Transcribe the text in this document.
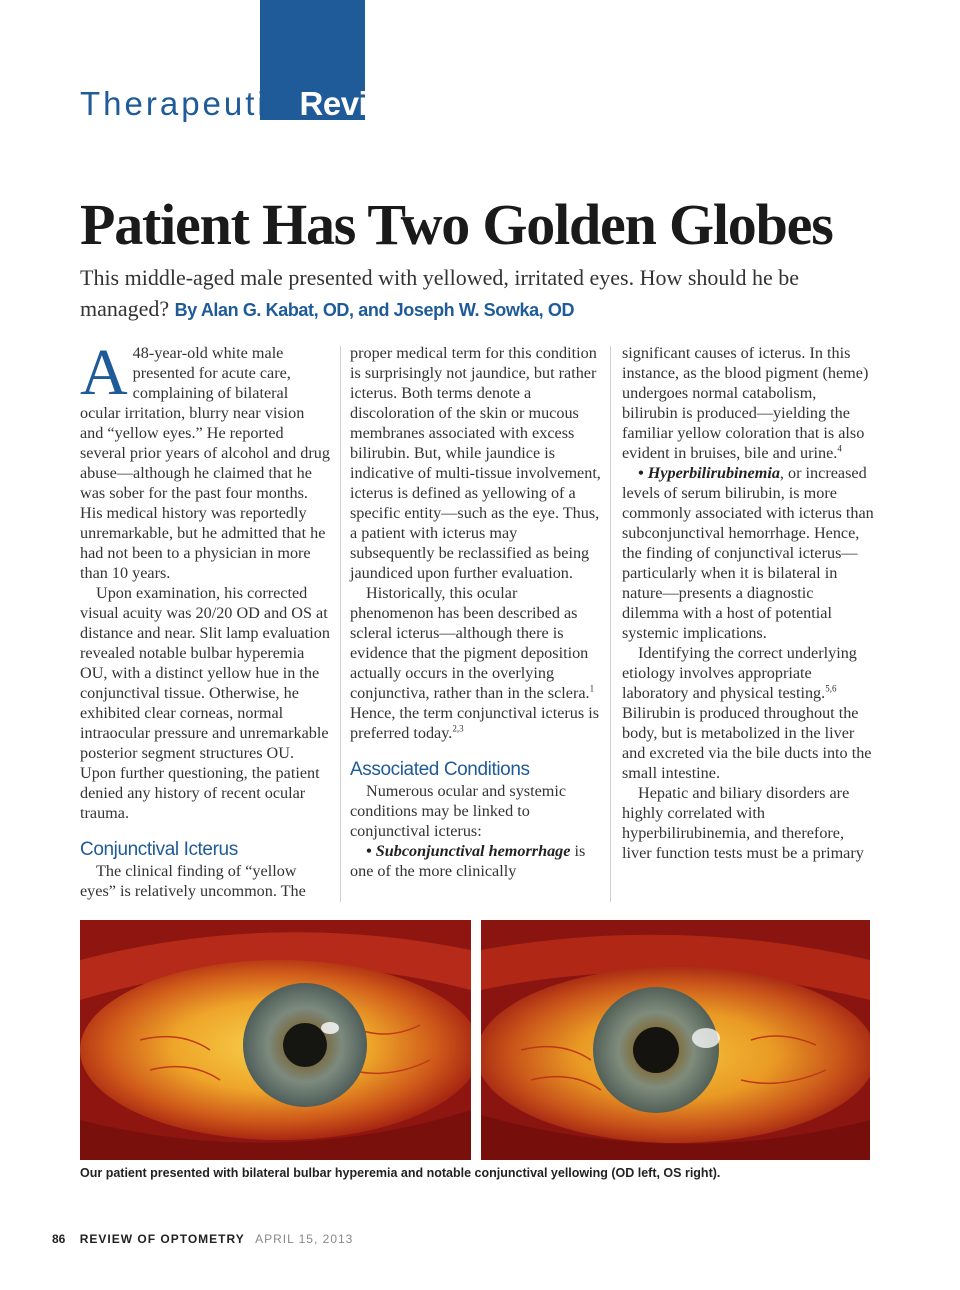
Therapeutic Review
Patient Has Two Golden Globes
This middle-aged male presented with yellowed, irritated eyes. How should he be managed? By Alan G. Kabat, OD, and Joseph W. Sowka, OD

A 48-year-old white male presented for acute care, complaining of bilateral ocular irritation, blurry near vision and “yellow eyes.” He reported several prior years of alcohol and drug abuse—although he claimed that he was sober for the past four months. His medical history was reportedly unremarkable, but he admitted that he had not been to a physician in more than 10 years.

Upon examination, his corrected visual acuity was 20/20 OD and OS at distance and near. Slit lamp evaluation revealed notable bulbar hyperemia OU, with a distinct yellow hue in the conjunctival tissue. Otherwise, he exhibited clear corneas, normal intraocular pressure and unremarkable posterior segment structures OU. Upon further questioning, the patient denied any history of recent ocular trauma.

Conjunctival Icterus

The clinical finding of “yellow eyes” is relatively uncommon. The

proper medical term for this condition is surprisingly not jaundice, but rather icterus. Both terms denote a discoloration of the skin or mucous membranes associated with excess bilirubin. But, while jaundice is indicative of multi-tissue involvement, icterus is defined as yellowing of a specific entity—such as the eye. Thus, a patient with icterus may subsequently be reclassified as being jaundiced upon further evaluation.

Historically, this ocular phenomenon has been described as scleral icterus—although there is evidence that the pigment deposition actually occurs in the overlying conjunctiva, rather than in the sclera.$^1$ Hence, the term conjunctival icterus is preferred today.$^{2,3}$

Associated Conditions

Numerous ocular and systemic conditions may be linked to conjunctival icterus:

• Subconjunctival hemorrhage is one of the more clinically

significant causes of icterus. In this instance, as the blood pigment (heme) undergoes normal catabolism, bilirubin is produced—yielding the familiar yellow coloration that is also evident in bruises, bile and urine.$^4$

• Hyperbilirubinemia, or increased levels of serum bilirubin, is more commonly associated with icterus than subconjunctival hemorrhage. Hence, the finding of conjunctival icterus—particularly when it is bilateral in nature—presents a diagnostic dilemma with a host of potential systemic implications.

Identifying the correct underlying etiology involves appropriate laboratory and physical testing.$^{5,6}$ Bilirubin is produced throughout the body, but is metabolized in the liver and excreted via the bile ducts into the small intestine.

Hepatic and biliary disorders are highly correlated with hyperbilirubinemia, and therefore, liver function tests must be a primary

Our patient presented with bilateral bulbar hyperemia and notable conjunctival yellowing (OD left, OS right).
86 REVIEW OF OPTOMETRY APRIL 15, 2013
